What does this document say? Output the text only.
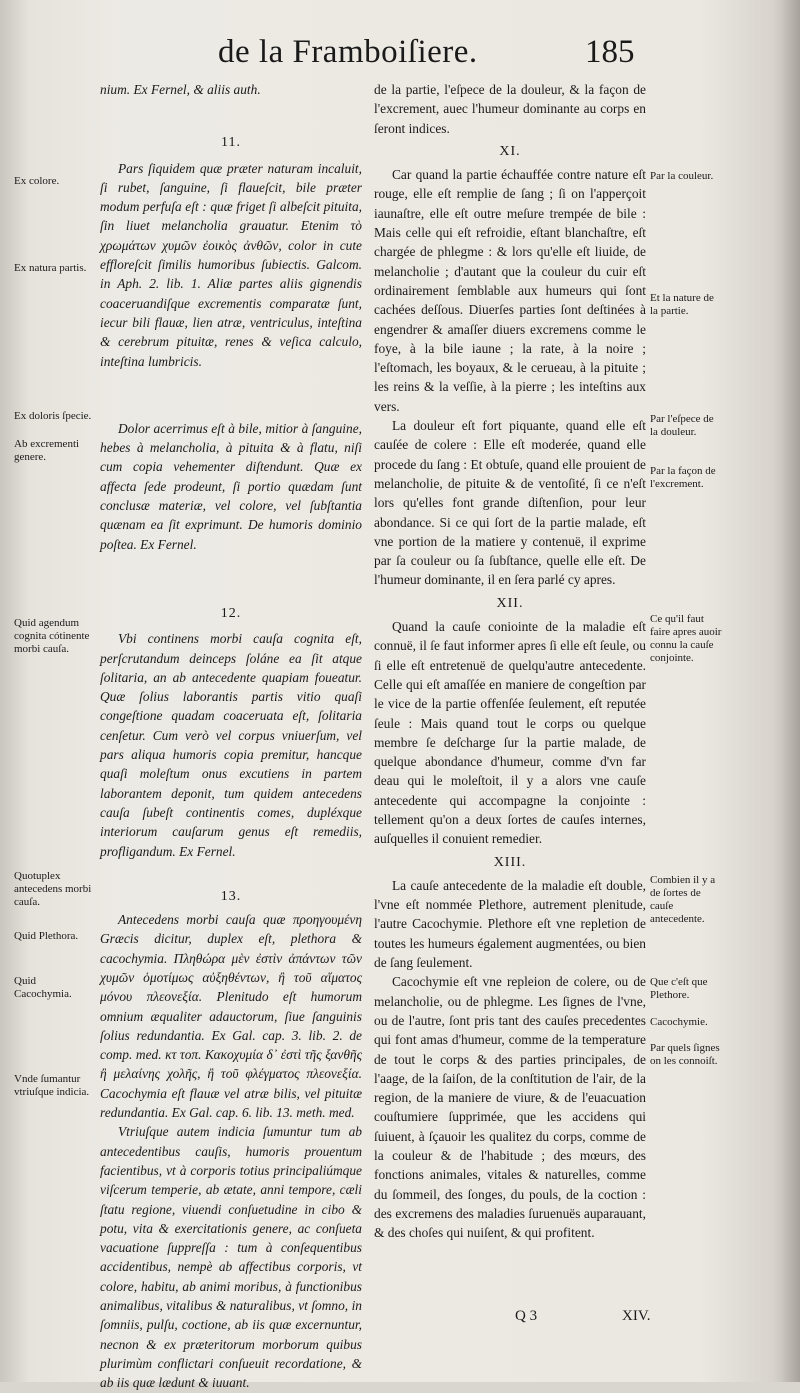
de la Framboiſiere.	185

nium. Ex Fernel, & aliis auth.

11.

Pars ſiquidem quæ præter naturam incaluit, ſi rubet, ſanguine, ſi flaueſcit, bile præter modum perfuſa eſt : quæ friget ſi albeſcit pituita, ſin liuet melancholia grauatur. Etenim τὸ χρωμάτων χυμῶν ἐοικὸς ἀνθῶν, color in cute effloreſcit ſimilis humoribus ſubiectis. Galcom. in Aph. 2. lib. 1. Aliæ partes aliis gignendis coaceruandiſque excrementis comparatæ ſunt, iecur bili flauæ, lien atræ, ventriculus, inteſtina & cerebrum pituitæ, renes & veſica calculo, inteſtina lumbricis.

Dolor acerrimus eſt à bile, mitior à ſanguine, hebes à melancholia, à pituita & à flatu, niſi cum copia vehementer diſtendunt. Quæ ex affecta ſede prodeunt, ſi portio quædam ſunt conclusæ materiæ, vel colore, vel ſubſtantia quænam ea ſit exprimunt. De humoris dominio poſtea. Ex Fernel.

12.

Vbi continens morbi cauſa cognita eſt, perſcrutandum deinceps ſoláne ea ſit atque ſolitaria, an ab antecedente quapiam foueatur. Quæ ſolius laborantis partis vitio quaſi congeſtione quadam coaceruata eſt, ſolitaria cenſetur. Cum verò vel corpus vniuerſum, vel pars aliqua humoris copia premitur, hancque quaſi moleſtum onus excutiens in partem laborantem deponit, tum quidem antecedens cauſa ſubeſt continentis comes, dupléxque interiorum cauſarum genus eſt remediis, profligandum. Ex Fernel.

13.

Antecedens morbi cauſa quæ προηγουμένη Græcis dicitur, duplex eſt, plethora & cacochymia. Πληθώρα μὲν ἐστὶν ἀπάντων τῶν χυμῶν ὁμοτίμως αὐξηθέντων, ἢ τοῦ αἵματος μόνου πλεονεξία. Plenitudo eſt humorum omnium æqualiter adauctorum, ſiue ſanguinis ſolius redundantia. Ex Gal. cap. 3. lib. 2. de comp. med. κτ τοπ. Κακοχυμία δ᾽ ἐστὶ τῆς ξανθῆς ἢ μελαίνης χολῆς, ἢ τοῦ φλέγματος πλεονεξία. Cacochymia eſt flauæ vel atræ bilis, vel pituitæ redundantia. Ex Gal. cap. 6. lib. 13. meth. med.

Vtriuſque autem indicia ſumuntur tum ab antecedentibus cauſis, humoris prouentum facientibus, vt à corporis totius principaliúmque viſcerum temperie, ab ætate, anni tempore, cæli ſtatu regione, viuendi conſuetudine in cibo & potu, vita & exercitationis genere, ac conſueta vacuatione ſuppreſſa : tum à conſequentibus accidentibus, nempè ab affectibus corporis, vt colore, habitu, ab animi moribus, à functionibus animalibus, vitalibus & naturalibus, vt ſomno, in ſomniis, pulſu, coctione, ab iis quæ excernuntur, necnon & ex præteritorum morborum quibus plurimùm conflictari conſueuit recordatione, & ab iis quæ lædunt & iuuant.

de la partie, l'eſpece de la douleur, & la façon de l'excrement, auec l'humeur dominante au corps en ſeront indices.

XI.

Car quand la partie échauffée contre nature eſt rouge, elle eſt remplie de ſang ; ſi on l'apperçoit iaunaſtre, elle eſt outre meſure trempée de bile : Mais celle qui eſt refroidie, eſtant blanchaſtre, eſt chargée de phlegme : & lors qu'elle eſt liuide, de melancholie ; d'autant que la couleur du cuir eſt ordinairement ſemblable aux humeurs qui ſont cachées deſſous. Diuerſes parties ſont deſtinées à engendrer & amaſſer diuers excremens comme le foye, à la bile iaune ; la rate, à la noire ; l'eſtomach, les boyaux, & le cerueau, à la pituite ; les reins & la veſſie, à la pierre ; les inteſtins aux vers.

La douleur eſt fort piquante, quand elle eſt cauſée de colere : Elle eſt moderée, quand elle procede du ſang : Et obtuſe, quand elle prouient de melancholie, de pituite & de ventoſité, ſi ce n'eſt lors qu'elles font grande diſtenſion, pour leur abondance. Si ce qui ſort de la partie malade, eſt vne portion de la matiere y contenuë, il exprime par ſa couleur ou ſa ſubſtance, quelle elle eſt. De l'humeur dominante, il en ſera parlé cy apres.

XII.

Quand la cauſe coniointe de la maladie eſt connuë, il ſe faut informer apres ſi elle eſt ſeule, ou ſi elle eſt entretenuë de quelqu'autre antecedente. Celle qui eſt amaſſée en maniere de congeſtion par le vice de la partie offenſée ſeulement, eſt reputée ſeule : Mais quand tout le corps ou quelque membre ſe deſcharge ſur la partie malade, de quelque abondance d'humeur, comme d'vn far deau qui le moleſtoit, il y a alors vne cauſe antecedente qui accompagne la conjointe : tellement qu'on a deux ſortes de cauſes internes, auſquelles il conuient remedier.

XIII.

La cauſe antecedente de la maladie eſt double, l'vne eſt nommée Plethore, autrement plenitude, l'autre Cacochymie. Plethore eſt vne repletion de toutes les humeurs également augmentées, ou bien de ſang ſeulement.

Cacochymie eſt vne repleion de colere, ou de melancholie, ou de phlegme. Les ſignes de l'vne, ou de l'autre, ſont pris tant des cauſes precedentes qui font amas d'humeur, comme de la temperature de tout le corps & des parties principales, de l'aage, de la ſaiſon, de la conſtitution de l'air, de la region, de la maniere de viure, & de l'euacuation couſtumiere ſupprimée, que les accidens qui ſuiuent, à ſçauoir les qualitez du corps, comme de la couleur & de l'habitude ; des mœurs, des fonctions animales, vitales & naturelles, comme du ſommeil, des ſonges, du pouls, de la coction : des excremens des maladies ſuruenuës auparauant, & des choſes qui nuiſent, & qui profitent.

Ex colore.
Ex natura partis.
Ex doloris ſpecie.
Ab excrementi genere.
Quid agendum cognita cótinente morbi cauſa.
Quotuplex antecedens morbi cauſa.
Quid Plethora.
Quid Cacochymia.
Vnde ſumantur vtriuſque indicia.
Par la couleur.
Et la nature de la partie.
Par l'eſpece de la douleur.
Par la façon de l'excrement.
Ce qu'il faut faire apres auoir connu la cauſe conjointe.
Combien il y a de ſortes de cauſe antecedente.
Que c'eſt que Plethore.
Cacochymie.
Par quels ſignes on les connoiſt.
Q 3	XIV.
